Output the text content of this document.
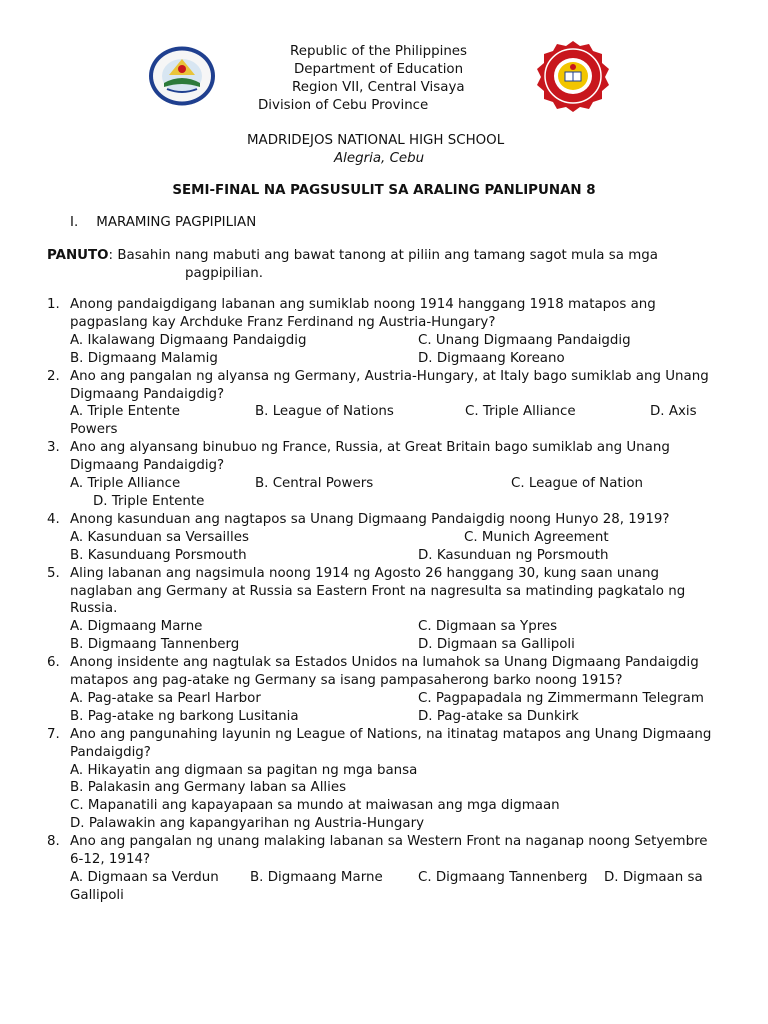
Republic of the Philippines
Department of Education
Region VII, Central Visaya
Division of Cebu Province
MADRIDEJOS NATIONAL HIGH SCHOOL
Alegria, Cebu
SEMI-FINAL NA PAGSUSULIT SA ARALING PANLIPUNAN 8
I. MARAMING PAGPIPILIAN
PANUTO: Basahin nang mabuti ang bawat tanong at piliin ang tamang sagot mula sa mga
pagpipilian.
1. Anong pandaigdigang labanan ang sumiklab noong 1914 hanggang 1918 matapos ang pagpaslang kay Archduke Franz Ferdinand ng Austria-Hungary?
A. Ikalawang Digmaang Pandaigdig	C. Unang Digmaang Pandaigdig
B. Digmaang Malamig	D. Digmaang Koreano
2. Ano ang pangalan ng alyansa ng Germany, Austria-Hungary, at Italy bago sumiklab ang Unang Digmaang Pandaigdig?
A. Triple Entente	B. League of Nations	C. Triple Alliance	D. Axis Powers
3. Ano ang alyansang binubuo ng France, Russia, at Great Britain bago sumiklab ang Unang Digmaang Pandaigdig?
A. Triple Alliance	B. Central Powers	C. League of Nation
D. Triple Entente
4. Anong kasunduan ang nagtapos sa Unang Digmaang Pandaigdig noong Hunyo 28, 1919?
A. Kasunduan sa Versailles	C. Munich Agreement
B. Kasunduang Porsmouth	D. Kasunduan ng Porsmouth
5. Aling labanan ang nagsimula noong 1914 ng Agosto 26 hanggang 30, kung saan unang naglaban ang Germany at Russia sa Eastern Front na nagresulta sa matinding pagkatalo ng Russia.
A. Digmaang Marne	C. Digmaan sa Ypres
B. Digmaang Tannenberg	D. Digmaan sa Gallipoli
6. Anong insidente ang nagtulak sa Estados Unidos na lumahok sa Unang Digmaang Pandaigdig matapos ang pag-atake ng Germany sa isang pampasaherong barko noong 1915?
A. Pag-atake sa Pearl Harbor	C. Pagpapadala ng Zimmermann Telegram
B. Pag-atake ng barkong Lusitania	D. Pag-atake sa Dunkirk
7. Ano ang pangunahing layunin ng League of Nations, na itinatag matapos ang Unang Digmaang Pandaigdig?
A. Hikayatin ang digmaan sa pagitan ng mga bansa
B. Palakasin ang Germany laban sa Allies
C. Mapanatili ang kapayapaan sa mundo at maiwasan ang mga digmaan
D. Palawakin ang kapangyarihan ng Austria-Hungary
8. Ano ang pangalan ng unang malaking labanan sa Western Front na naganap noong Setyembre 6-12, 1914?
A. Digmaan sa Verdun B. Digmaang Marne	C. Digmaang Tannenberg D. Digmaan sa Gallipoli
